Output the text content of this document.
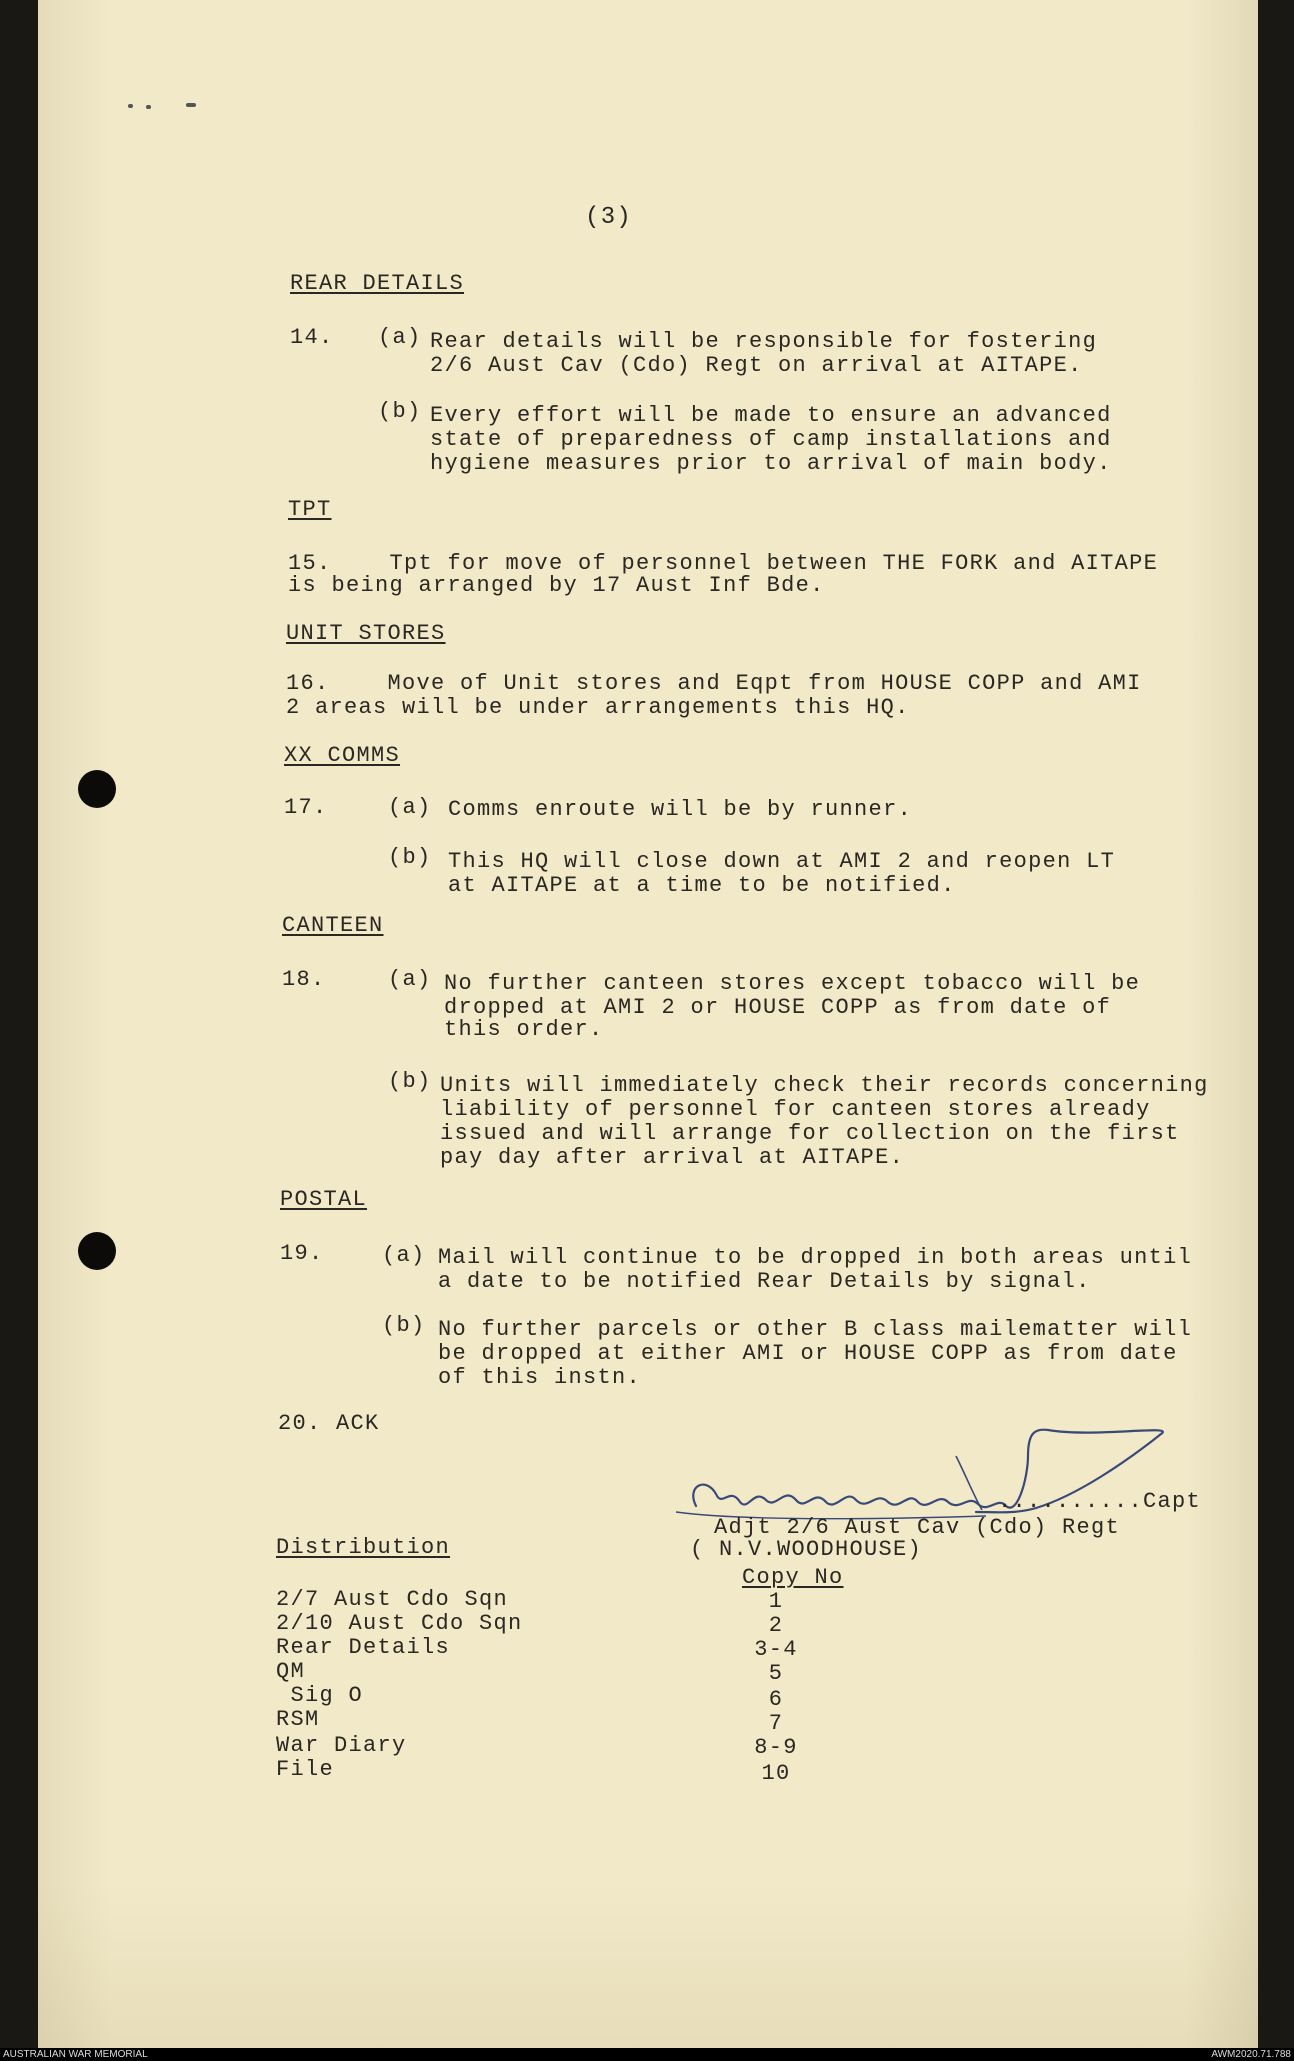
(3)
REAR DETAILS
14. (a) Rear details will be responsible for fostering
2/6 Aust Cav (Cdo) Regt on arrival at AITAPE.
(b) Every effort will be made to ensure an advanced
state of preparedness of camp installations and
hygiene measures prior to arrival of main body.
TPT
15.    Tpt for move of personnel between THE FORK and AITAPE
is being arranged by 17 Aust Inf Bde.
UNIT STORES
16.    Move of Unit stores and Eqpt from HOUSE COPP and AMI
2 areas will be under arrangements this HQ.
XX COMMS
17.	(a) Comms enroute will be by runner.
(b) This HQ will close down at AMI 2 and reopen LT
at AITAPE at a time to be notified.
CANTEEN
18.	(a) No further canteen stores except tobacco will be
dropped at AMI 2 or HOUSE COPP as from date of
this order.
(b) Units will immediately check their records concerning
liability of personnel for canteen stores already
issued and will arrange for collection on the first
pay day after arrival at AITAPE.
POSTAL
19.	(a) Mail will continue to be dropped in both areas until
a date to be notified Rear Details by signal.
(b) No further parcels or other B class mailematter will
be dropped at either AMI or HOUSE COPP as from date
of this instn.
20. ACK
..........Capt
Adjt 2/6 Aust Cav (Cdo) Regt
( N.V.WOODHOUSE)
Distribution
Copy No
2/7 Aust Cdo Sqn	1
2/10 Aust Cdo Sqn	2
Rear Details	3-4
QM	5
Sig O	6
RSM	7
War Diary	8-9
File	10
AUSTRALIAN WAR MEMORIAL	AWM2020.71.788
